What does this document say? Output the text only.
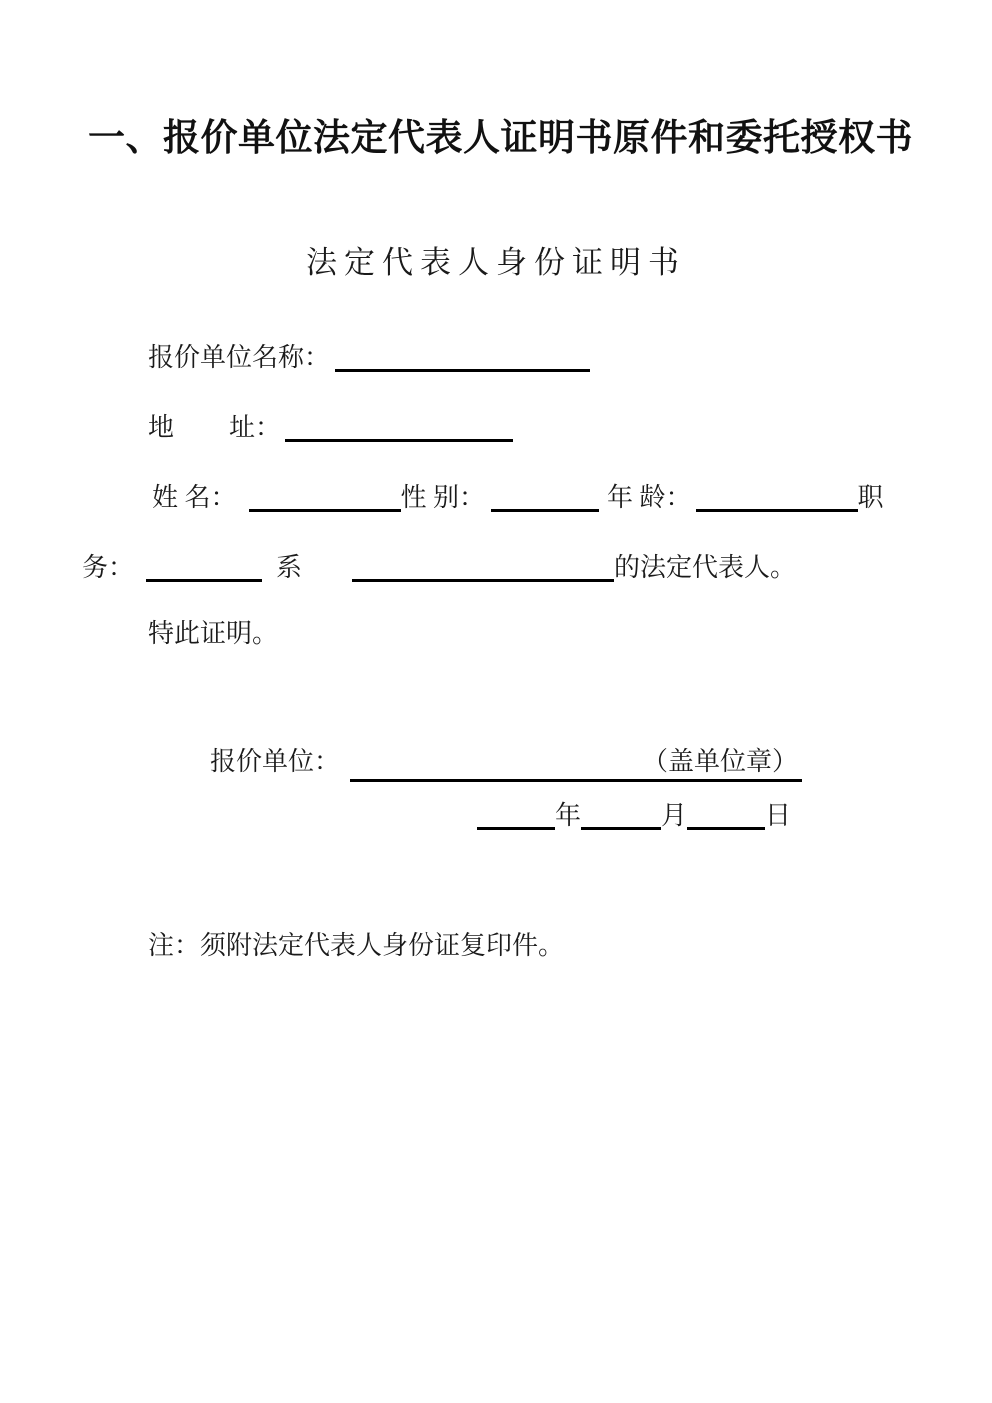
一、报价单位法定代表人证明书原件和委托授权书
法定代表人身份证明书
报价单位名称：
地 址：
姓 名：	性 别：	年 龄：	职
务：	系	的法定代表人。
特此证明。
报价单位：	（盖单位章）
年	月	日
注：须附法定代表人身份证复印件。
